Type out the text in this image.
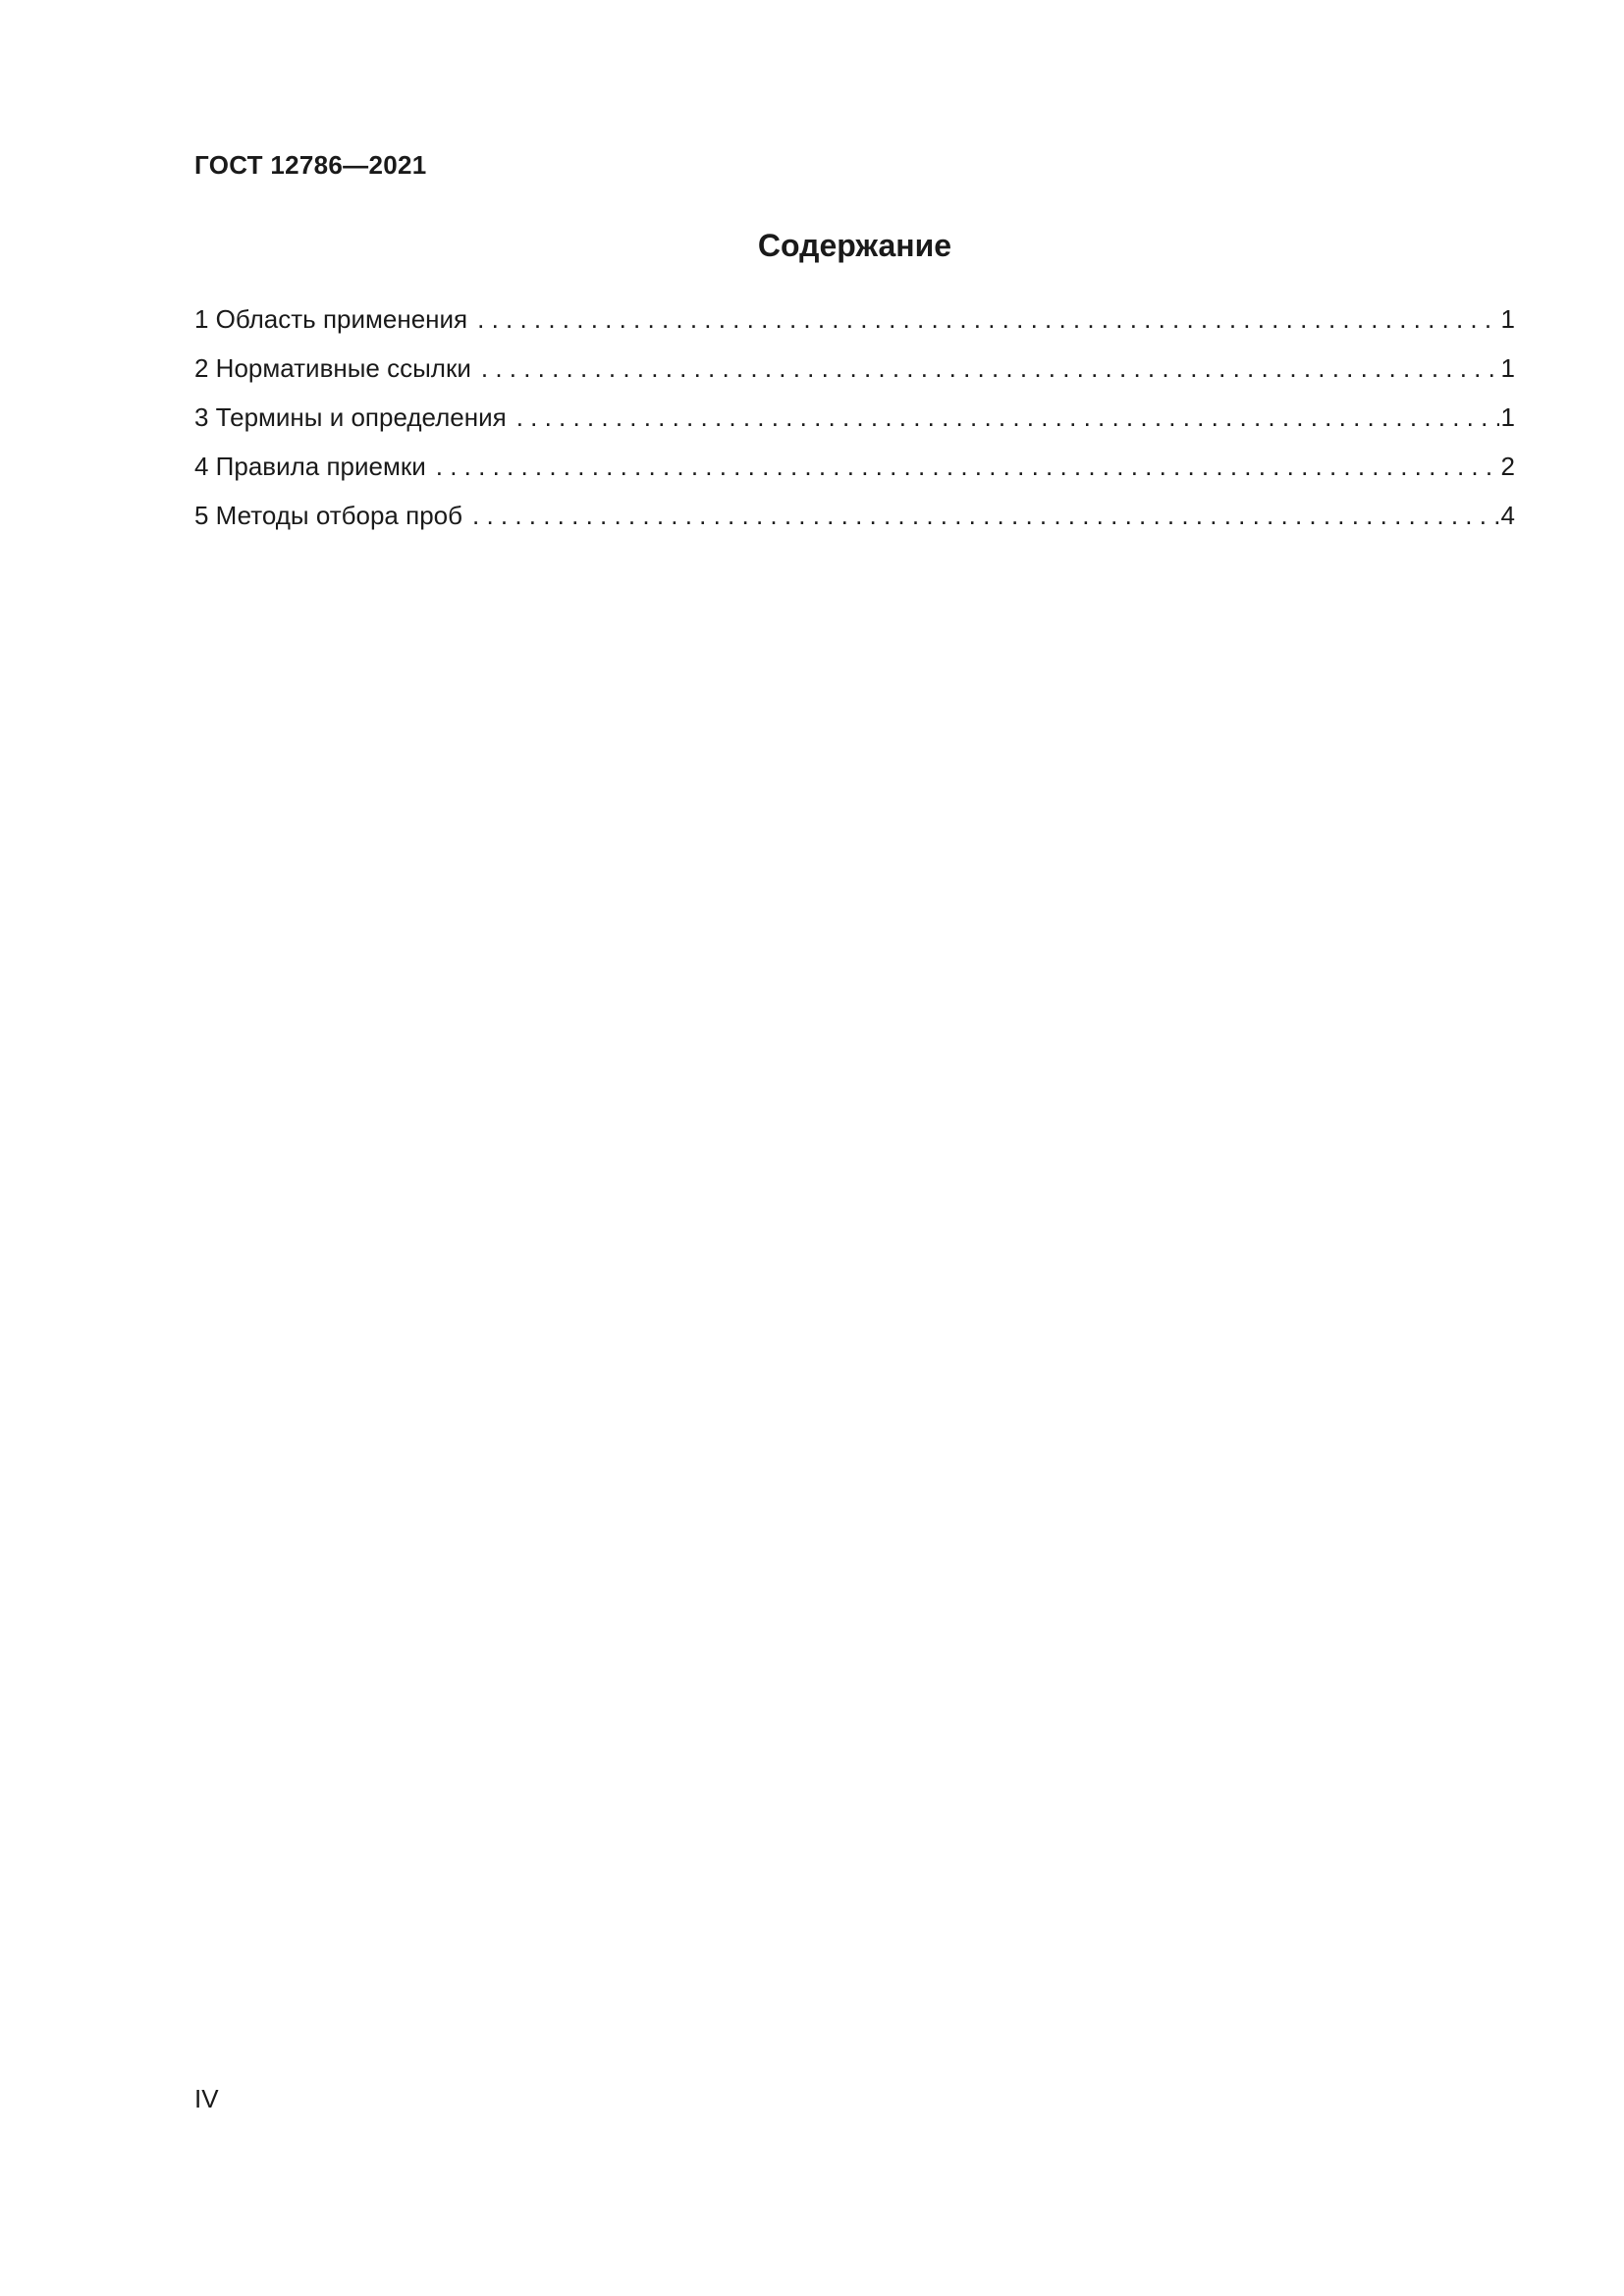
ГОСТ 12786—2021
Содержание
1 Область применения . . .	1
2 Нормативные ссылки . . .	1
3 Термины и определения . . .	1
4 Правила приемки . . .	2
5 Методы отбора проб . . .	4
IV
